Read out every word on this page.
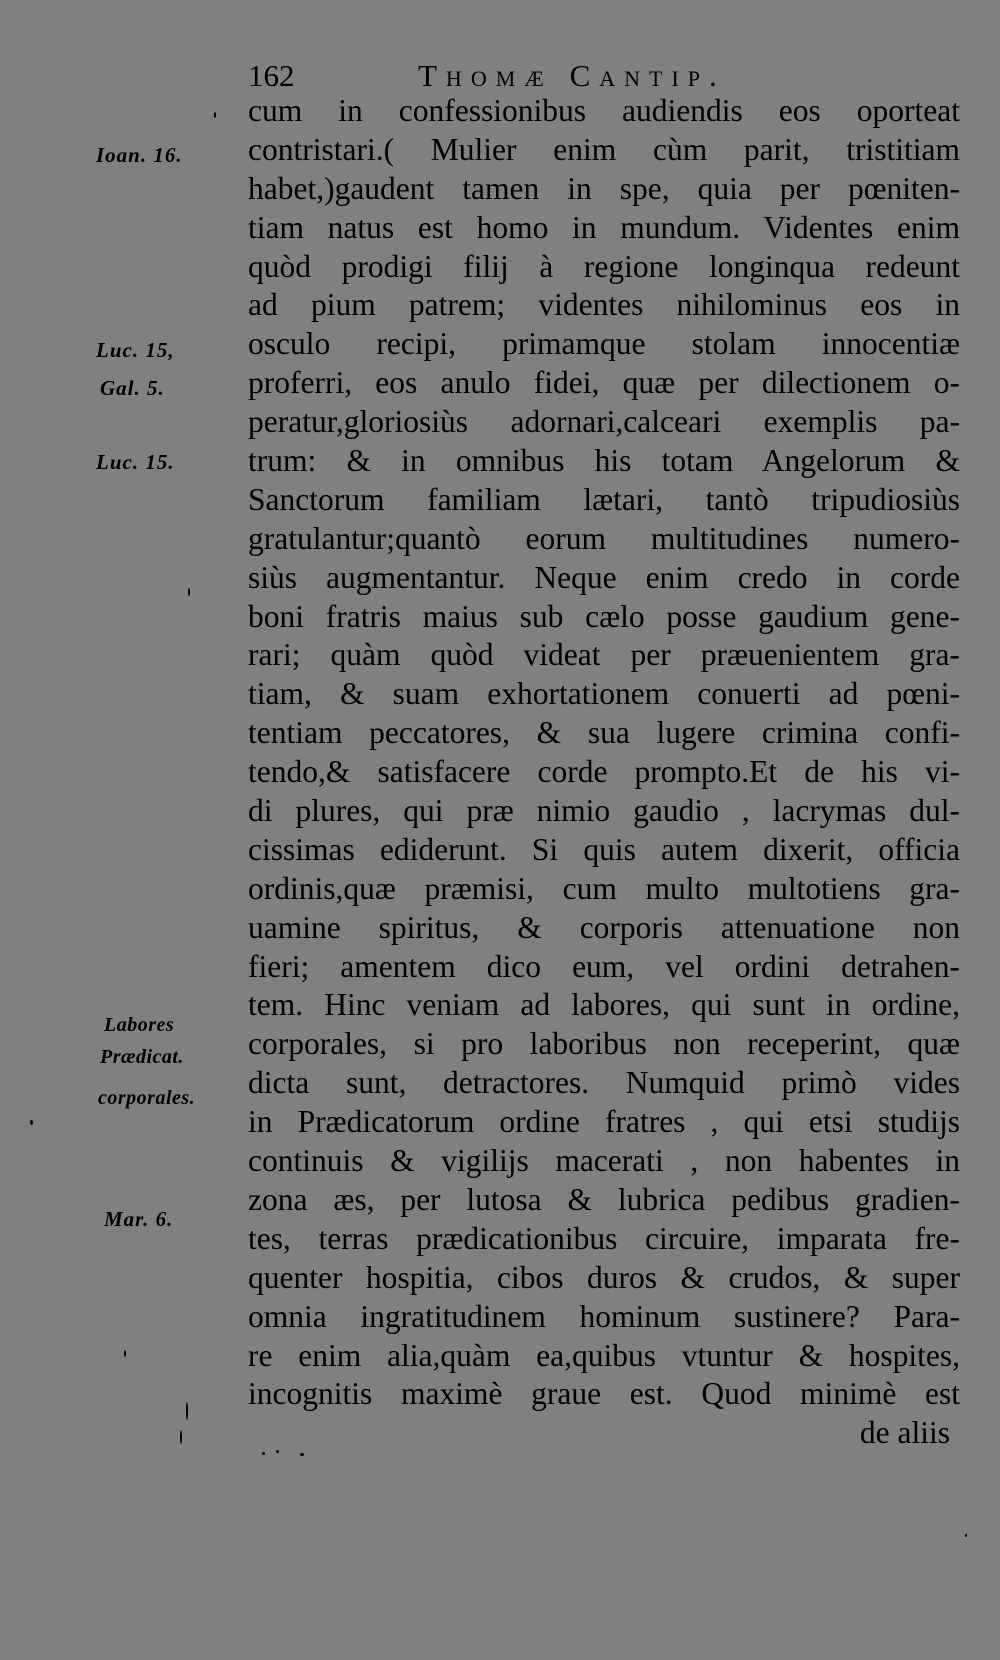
162	Thomæ Cantip.
Ioan. 16.
Luc. 15,
Gal. 5.
Luc. 15.
Labores
Prædicat.
corporales.
Mar. 6.
cum in confessionibus audiendis eos oporteat
contristari.( Mulier enim cùm parit, tristitiam
habet,)gaudent tamen in spe, quia per pœniten-
tiam natus est homo in mundum. Videntes enim
quòd prodigi filij à regione longinqua redeunt
ad pium patrem; videntes nihilominus eos in
osculo recipi, primamque stolam innocentiæ
proferri, eos anulo fidei, quæ per dilectionem o-
peratur,gloriosiùs adornari,calceari exemplis pa-
trum: & in omnibus his totam Angelorum &
Sanctorum familiam lætari, tantò tripudiosiùs
gratulantur;quantò eorum multitudines numero-
siùs augmentantur. Neque enim credo in corde
boni fratris maius sub cælo posse gaudium gene-
rari; quàm quòd videat per præuenientem gra-
tiam, & suam exhortationem conuerti ad pœni-
tentiam peccatores, & sua lugere crimina confi-
tendo,& satisfacere corde prompto.Et de his vi-
di plures, qui præ nimio gaudio , lacrymas dul-
cissimas ediderunt. Si quis autem dixerit, officia
ordinis,quæ præmisi, cum multo multotiens gra-
uamine spiritus, & corporis attenuatione non
fieri; amentem dico eum, vel ordini detrahen-
tem. Hinc veniam ad labores, qui sunt in ordine,
corporales, si pro laboribus non receperint, quæ
dicta sunt, detractores. Numquid primò vides
in Prædicatorum ordine fratres , qui etsi studijs
continuis & vigilijs macerati , non habentes in
zona æs, per lutosa & lubrica pedibus gradien-
tes, terras prædicationibus circuire, imparata fre-
quenter hospitia, cibos duros & crudos, & super
omnia ingratitudinem hominum sustinere? Para-
re enim alia,quàm ea,quibus vtuntur & hospites,
incognitis maximè graue est. Quod minimè est
de aliis
